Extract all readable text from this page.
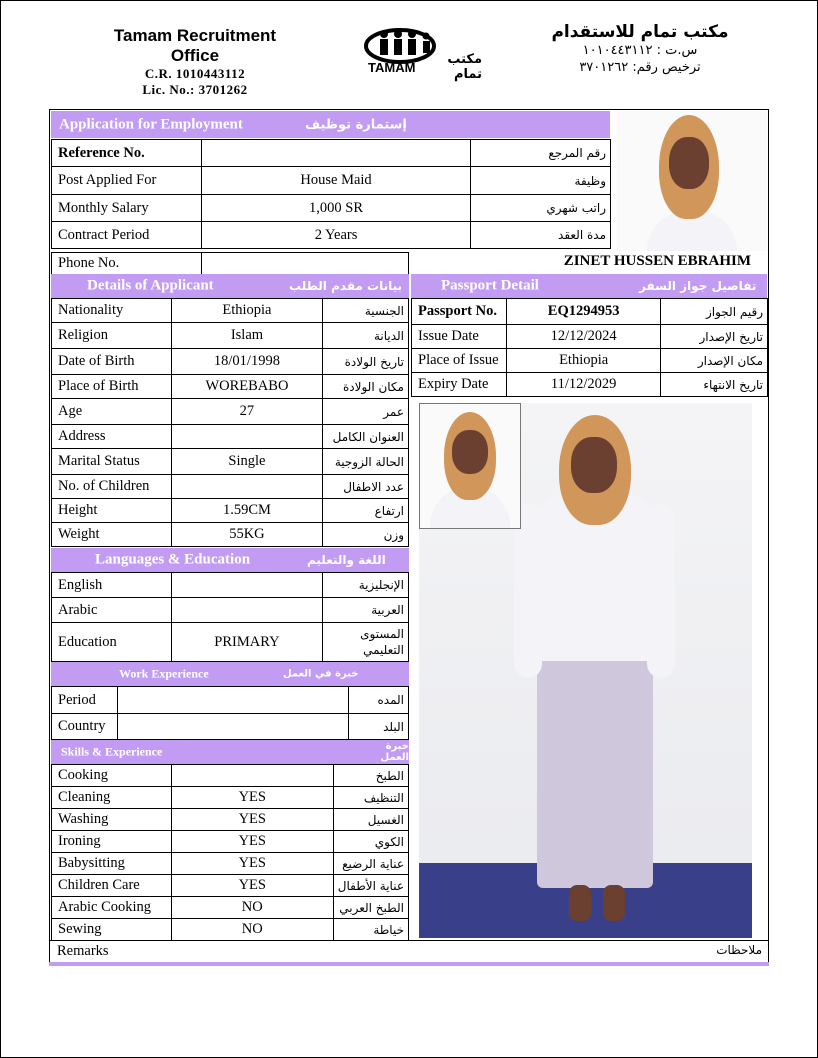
Tamam Recruitment Office
C.R. 1010443112
Lic. No.: 3701262
TAMAM
مكتب تمام
مكتب تمام للاستقدام
س.ت : ١٠١٠٤٤٣١١٢
ترخيص رقم: ٣٧٠١٢٦٢
Application for Employment	إستمارة توظيف
Reference No.		رقم المرجع
Post Applied For	House Maid	وظيفة
Monthly Salary	1,000 SR	راتب شهري
Contract Period	2 Years	مدة العقد
Phone No.		ZINET HUSSEN EBRAHIM
Details of Applicant	بيانات مقدم الطلب
Nationality	Ethiopia	الجنسية
Religion	Islam	الديانة
Date of Birth	18/01/1998	تاريخ الولادة
Place of Birth	WOREBABO	مكان الولادة
Age	27	عمر
Address		العنوان الكامل
Marital Status	Single	الحالة الزوجية
No. of Children		عدد الاطفال
Height	1.59CM	ارتفاع
Weight	55KG	وزن
Passport Detail	تفاصيل جواز السفر
Passport No.	EQ1294953	رقيم الجواز
Issue Date	12/12/2024	تاريخ الإصدار
Place of Issue	Ethiopia	مكان الإصدار
Expiry Date	11/12/2029	تاريخ الانتهاء
Languages & Education	اللغة والتعليم
English		الإنجليزية
Arabic		العربية
Education	PRIMARY	المستوى التعليمي
Work Experience	خبرة في العمل
Period		المده
Country		البلد
Skills & Experience	خبرة العمل
Cooking		الطبخ
Cleaning	YES	التنظيف
Washing	YES	الغسيل
Ironing	YES	الكوي
Babysitting	YES	عناية الرضيع
Children Care	YES	عناية الأطفال
Arabic Cooking	NO	الطبخ العربي
Sewing	NO	خياطة
Remarks	ملاحظات
